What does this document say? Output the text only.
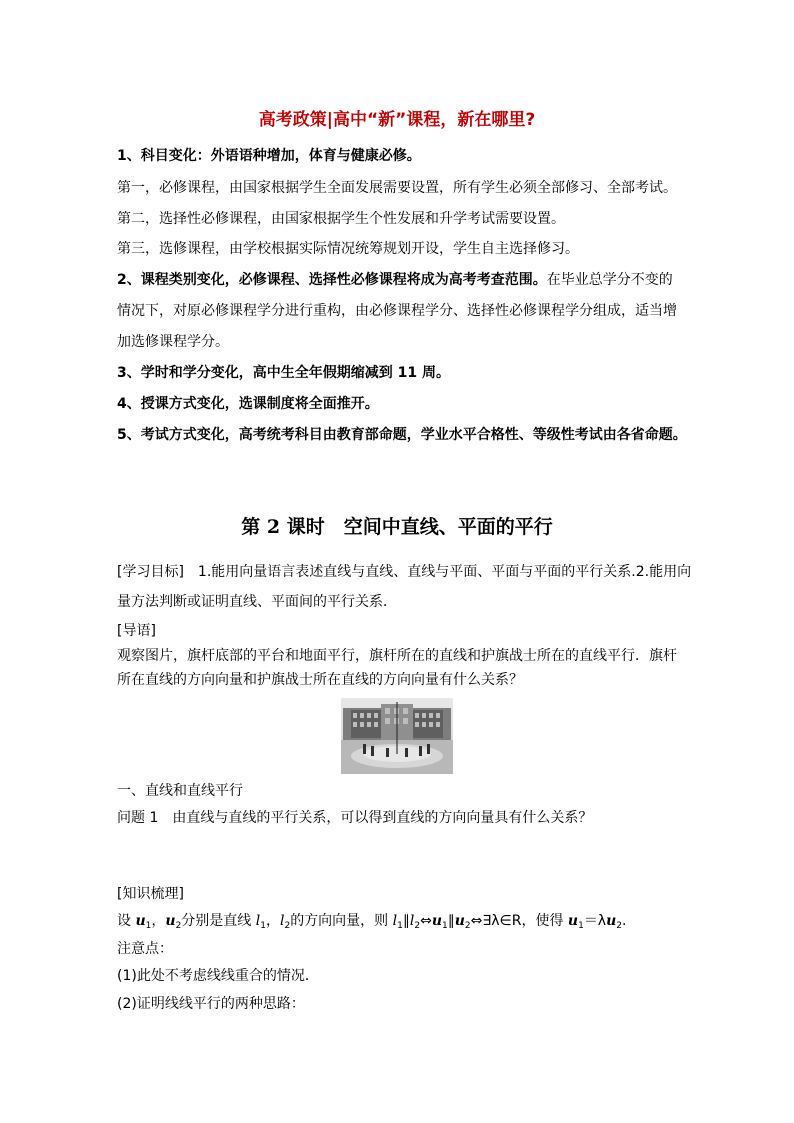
高考政策|高中“新”课程，新在哪里?
1、科目变化：外语语种增加，体育与健康必修。
第一，必修课程，由国家根据学生全面发展需要设置，所有学生必须全部修习、全部考试。
第二，选择性必修课程，由国家根据学生个性发展和升学考试需要设置。
第三，选修课程，由学校根据实际情况统筹规划开设，学生自主选择修习。
2、课程类别变化，必修课程、选择性必修课程将成为高考考查范围。在毕业总学分不变的
情况下，对原必修课程学分进行重构，由必修课程学分、选择性必修课程学分组成，适当增
加选修课程学分。
3、学时和学分变化，高中生全年假期缩减到 11 周。
4、授课方式变化，选课制度将全面推开。
5、考试方式变化，高考统考科目由教育部命题，学业水平合格性、等级性考试由各省命题。
第 2 课时　空间中直线、平面的平行
[学习目标]　1.能用向量语言表述直线与直线、直线与平面、平面与平面的平行关系.2.能用向
量方法判断或证明直线、平面间的平行关系．
[导语]
观察图片，旗杆底部的平台和地面平行，旗杆所在的直线和护旗战士所在的直线平行．旗杆
所在直线的方向向量和护旗战士所在直线的方向向量有什么关系？
一、直线和直线平行
问题 1　由直线与直线的平行关系，可以得到直线的方向向量具有什么关系？
[知识梳理]
设 $u_1$，$u_2$分别是直线 $l_1$，$l_2$的方向向量，则 $l_1\parallel l_2\Leftrightarrow u_1\parallel u_2\Leftrightarrow\exists\lambda\in R$，使得 $u_1=\lambda u_2$.
注意点：
(1)此处不考虑线线重合的情况．
(2)证明线线平行的两种思路：
